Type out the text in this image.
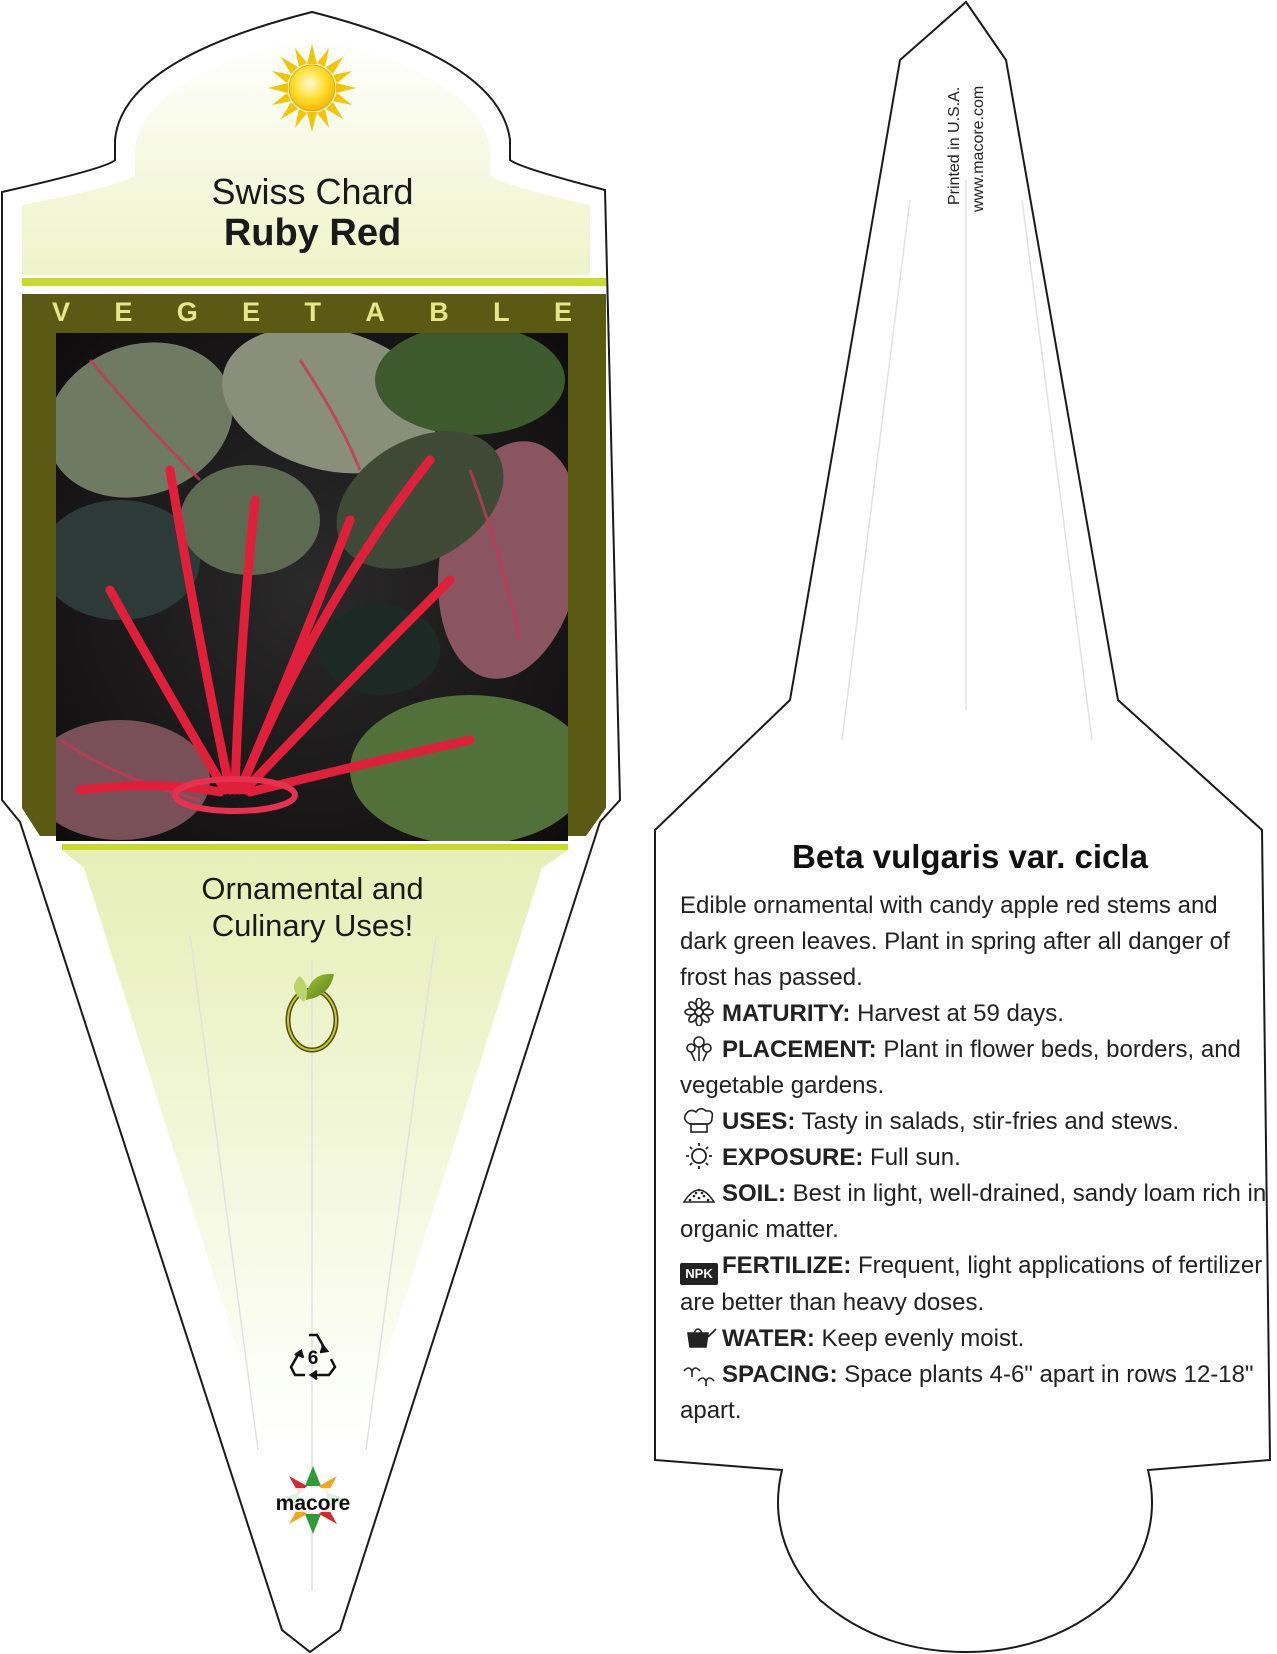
Swiss Chard
Ruby Red
V E G E T A B L E
Ornamental and
Culinary Uses!
6
macore
Printed in U.S.A. www.macore.com
Beta vulgaris var. cicla

Edible ornamental with candy apple red stems and dark green leaves. Plant in spring after all danger of frost has passed.

MATURITY: Harvest at 59 days.

PLACEMENT: Plant in flower beds, borders, and vegetable gardens.

USES: Tasty in salads, stir-fries and stews.

EXPOSURE: Full sun.

SOIL: Best in light, well-drained, sandy loam rich in organic matter.

NPK FERTILIZE: Frequent, light applications of fertilizer are better than heavy doses.

WATER: Keep evenly moist.

SPACING: Space plants 4-6" apart in rows 12-18" apart.
